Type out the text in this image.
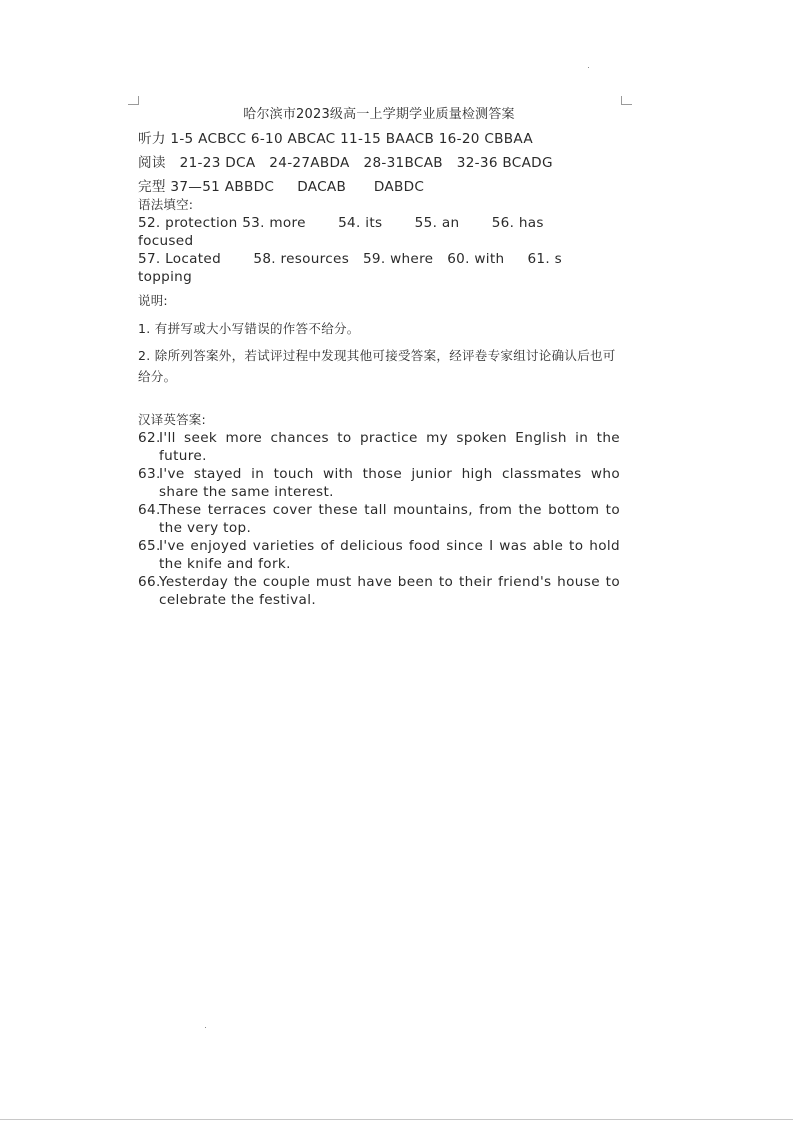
哈尔滨市2023级高一上学期学业质量检测答案
听力 1-5 ACBCC 6-10 ABCAC 11-15 BAACB 16-20 CBBAA
阅读   21-23 DCA   24-27ABDA   28-31BCAB   32-36 BCADG
完型 37—51 ABBDC     DACAB      DABDC
语法填空:
52. protection 53. more       54. its       55. an       56. has
focused
57. Located       58. resources   59. where   60. with     61. s
topping
说明:
1. 有拼写或大小写错误的作答不给分。
2. 除所列答案外，若试评过程中发现其他可接受答案，经评卷专家组讨论确认后也可给分。
汉译英答案:
62.
I'll seek more chances to practice my spoken English in the future.
63.
I've stayed in touch with those junior high classmates who share the same interest.
64.
These terraces cover these tall mountains, from the bottom to the very top.
65.
I've enjoyed varieties of delicious food since I was able to hold the knife and fork.
66.
Yesterday the couple must have been to their friend's house to celebrate the festival.
